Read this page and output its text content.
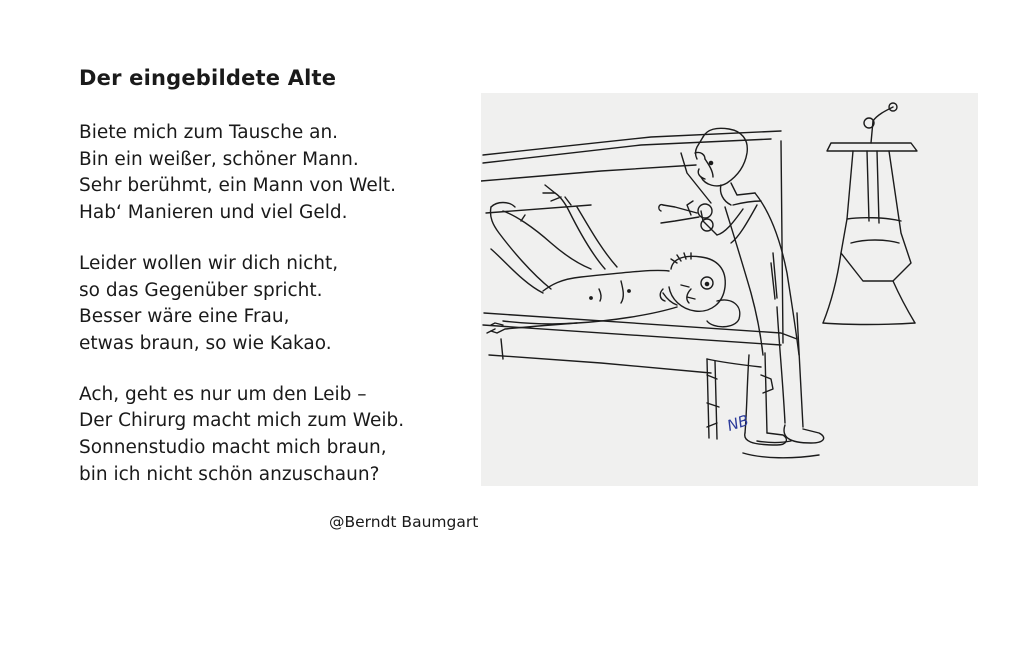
Der eingebildete Alte
Biete mich zum Tausche an.
Bin ein weißer, schöner Mann.
Sehr berühmt, ein Mann von Welt.
Hab‘ Manieren und viel Geld.
Leider wollen wir dich nicht,
so das Gegenüber spricht.
Besser wäre eine Frau,
etwas braun, so wie Kakao.
Ach, geht es nur um den Leib –
Der Chirurg macht mich zum Weib.
Sonnenstudio macht mich braun,
bin ich nicht schön anzuschaun?
@Berndt Baumgart
NB
